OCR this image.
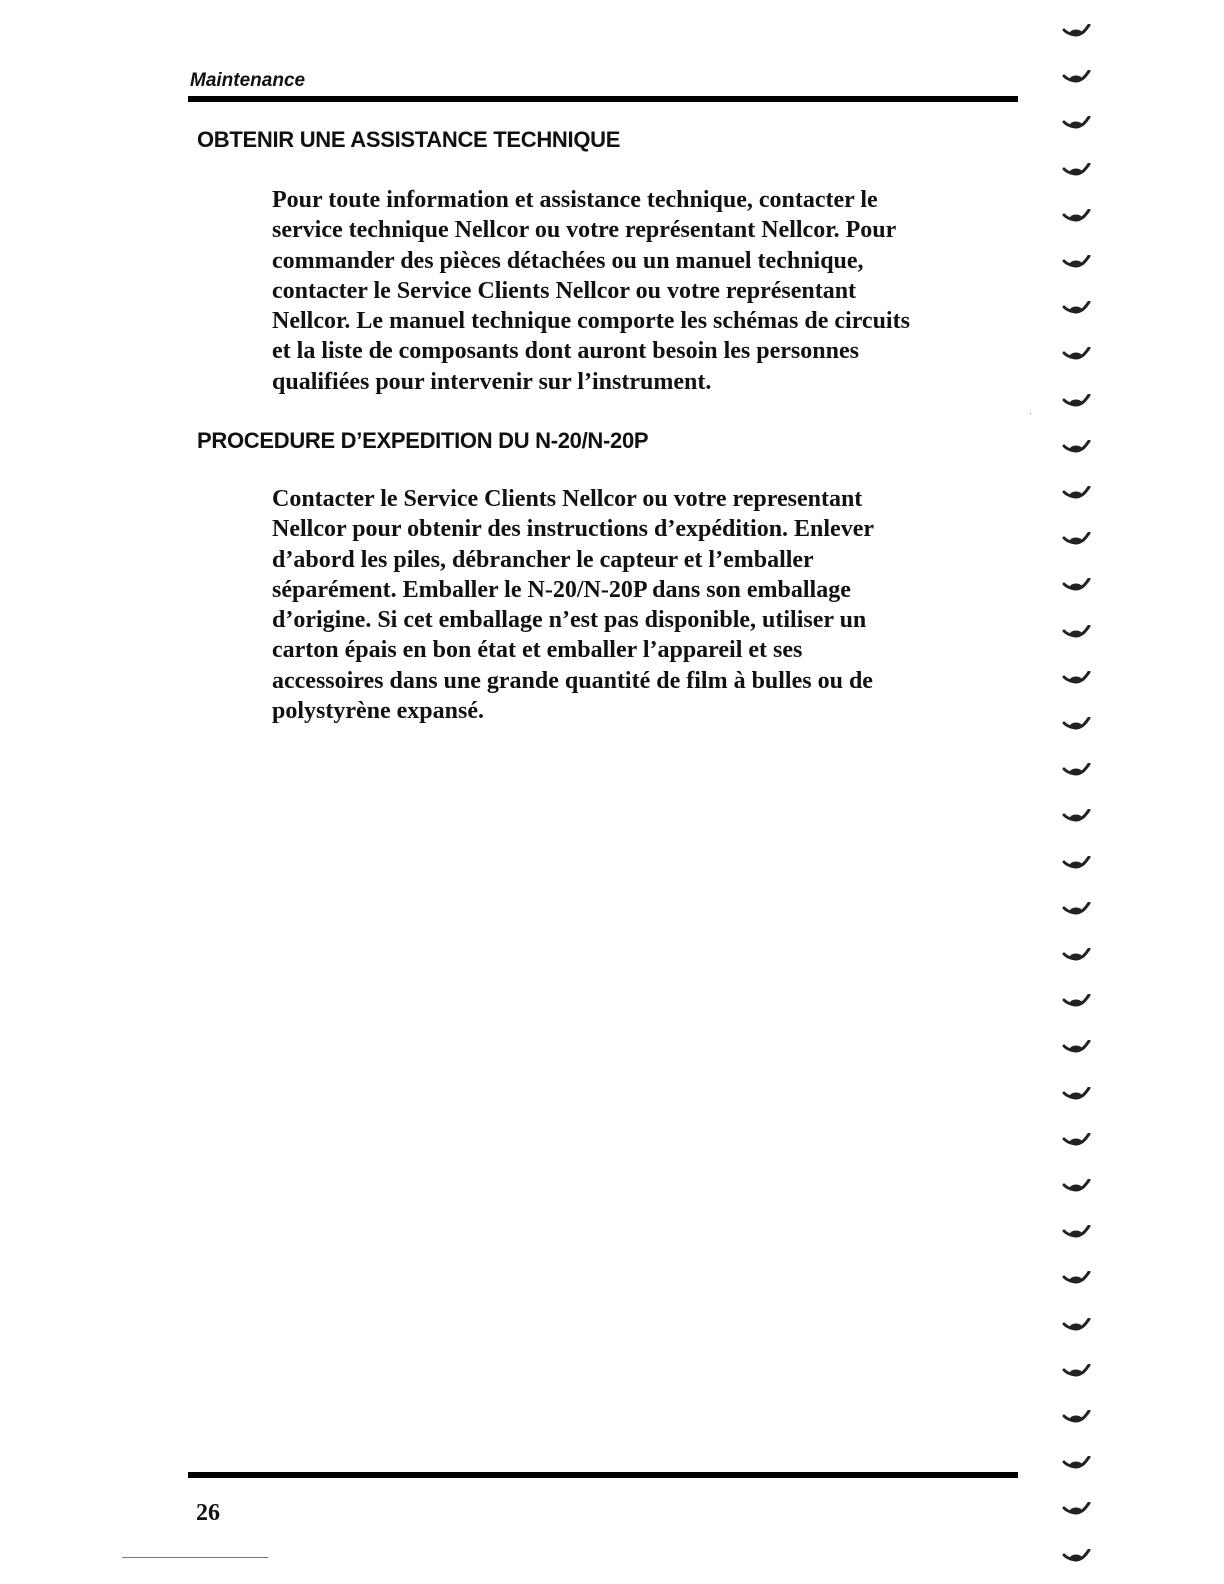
Maintenance
OBTENIR UNE ASSISTANCE TECHNIQUE

Pour toute information et assistance technique, contacter le
service technique Nellcor ou votre représentant Nellcor. Pour
commander des pièces détachées ou un manuel technique,
contacter le Service Clients Nellcor ou votre représentant
Nellcor. Le manuel technique comporte les schémas de circuits
et la liste de composants dont auront besoin les personnes
qualifiées pour intervenir sur l’instrument.

PROCEDURE D’EXPEDITION DU N-20/N-20P

Contacter le Service Clients Nellcor ou votre representant
Nellcor pour obtenir des instructions d’expédition. Enlever
d’abord les piles, débrancher le capteur et l’emballer
séparément. Emballer le N-20/N-20P dans son emballage
d’origine. Si cet emballage n’est pas disponible, utiliser un
carton épais en bon état et emballer l’appareil et ses
accessoires dans une grande quantité de film à bulles ou de
polystyrène expansé.

26
